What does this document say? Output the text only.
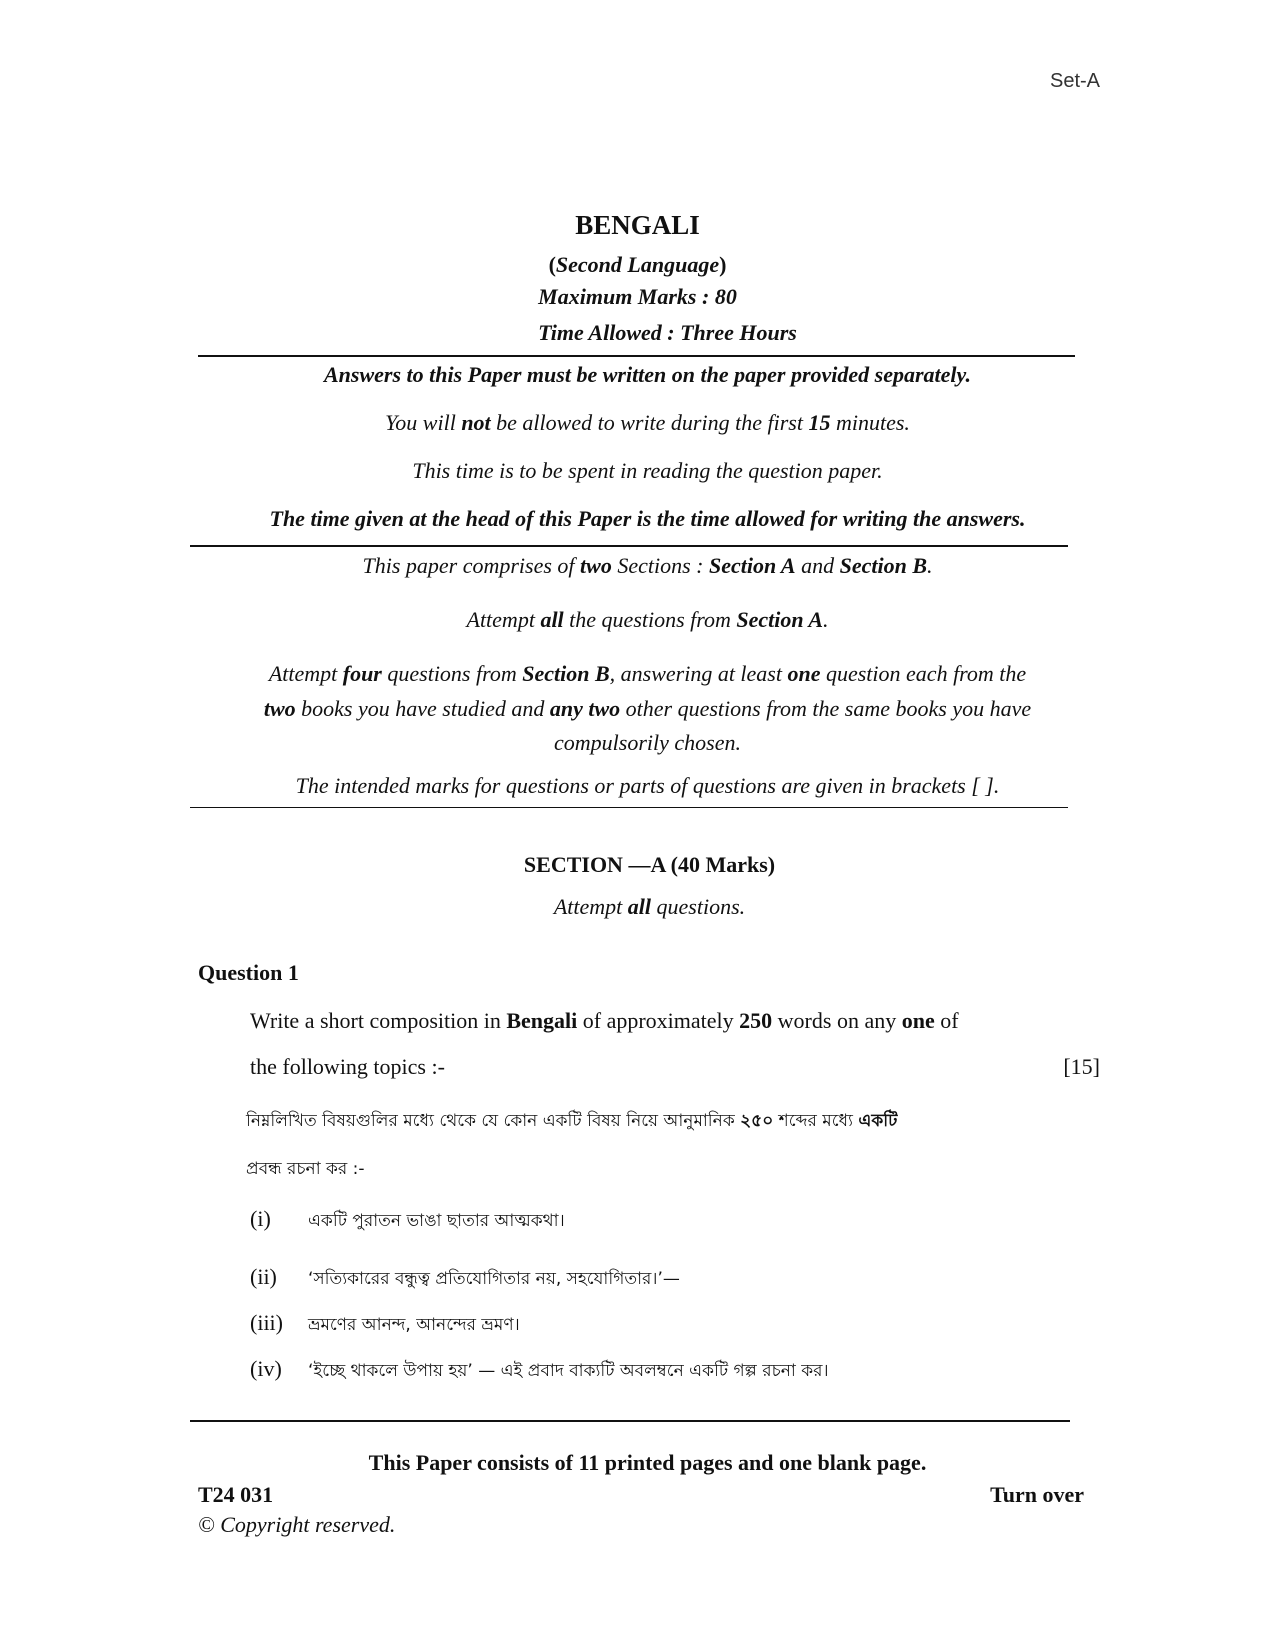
Set-A
BENGALI
(Second Language)
Maximum Marks : 80
Time Allowed : Three Hours
Answers to this Paper must be written on the paper provided separately.
You will not be allowed to write during the first 15 minutes.
This time is to be spent in reading the question paper.
The time given at the head of this Paper is the time allowed for writing the answers.
This paper comprises of two Sections : Section A and Section B.
Attempt all the questions from Section A.
Attempt four questions from Section B, answering at least one question each from the
two books you have studied and any two other questions from the same books you have
compulsorily chosen.
The intended marks for questions or parts of questions are given in brackets [ ].
SECTION —A (40 Marks)
Attempt all questions.
Question 1
Write a short composition in Bengali of approximately 250 words on any one of
the following topics :-	[15]
নিম্নলিখিত বিষয়গুলির মধ্যে থেকে যে কোন একটি বিষয় নিয়ে আনুমানিক ২৫০ শব্দের মধ্যে একটি
প্রবন্ধ রচনা কর :-
(i) একটি পুরাতন ভাঙা ছাতার আত্মকথা।
(ii) ‘সত্যিকারের বন্ধুত্ব প্রতিযোগিতার নয়, সহযোগিতার।’—
(iii) ভ্রমণের আনন্দ, আনন্দের ভ্রমণ।
(iv) ‘ইচ্ছে থাকলে উপায় হয়’ — এই প্রবাদ বাক্যটি অবলম্বনে একটি গল্প রচনা কর।
This Paper consists of 11 printed pages and one blank page.
T24 031	Turn over
© Copyright reserved.
